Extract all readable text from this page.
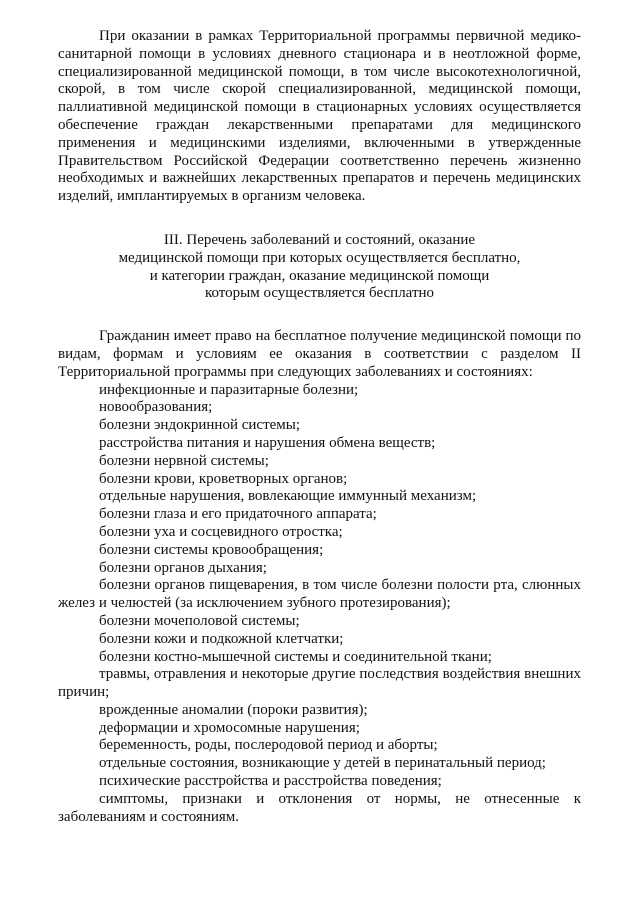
При оказании в рамках Территориальной программы первичной медико-санитарной помощи в условиях дневного стационара и в неотложной форме, специализированной медицинской помощи, в том числе высокотехнологичной, скорой, в том числе скорой специализированной, медицинской помощи, паллиативной медицинской помощи в стационарных условиях осуществляется обеспечение граждан лекарственными препаратами для медицинского применения и медицинскими изделиями, включенными в утвержденные Правительством Российской Федерации соответственно перечень жизненно необходимых и важнейших лекарственных препаратов и перечень медицинских изделий, имплантируемых в организм человека.

III. Перечень заболеваний и состояний, оказание
медицинской помощи при которых осуществляется бесплатно,
и категории граждан, оказание медицинской помощи
которым осуществляется бесплатно

Гражданин имеет право на бесплатное получение медицинской помощи по видам, формам и условиям ее оказания в соответствии с разделом II Территориальной программы при следующих заболеваниях и состояниях:

инфекционные и паразитарные болезни;
новообразования;
болезни эндокринной системы;
расстройства питания и нарушения обмена веществ;
болезни нервной системы;
болезни крови, кроветворных органов;
отдельные нарушения, вовлекающие иммунный механизм;
болезни глаза и его придаточного аппарата;
болезни уха и сосцевидного отростка;
болезни системы кровообращения;
болезни органов дыхания;
болезни органов пищеварения, в том числе болезни полости рта, слюнных желез и челюстей (за исключением зубного протезирования);
болезни мочеполовой системы;
болезни кожи и подкожной клетчатки;
болезни костно-мышечной системы и соединительной ткани;
травмы, отравления и некоторые другие последствия воздействия внешних причин;
врожденные аномалии (пороки развития);
деформации и хромосомные нарушения;
беременность, роды, послеродовой период и аборты;
отдельные состояния, возникающие у детей в перинатальный период;
психические расстройства и расстройства поведения;
симптомы, признаки и отклонения от нормы, не отнесенные к заболеваниям и состояниям.
